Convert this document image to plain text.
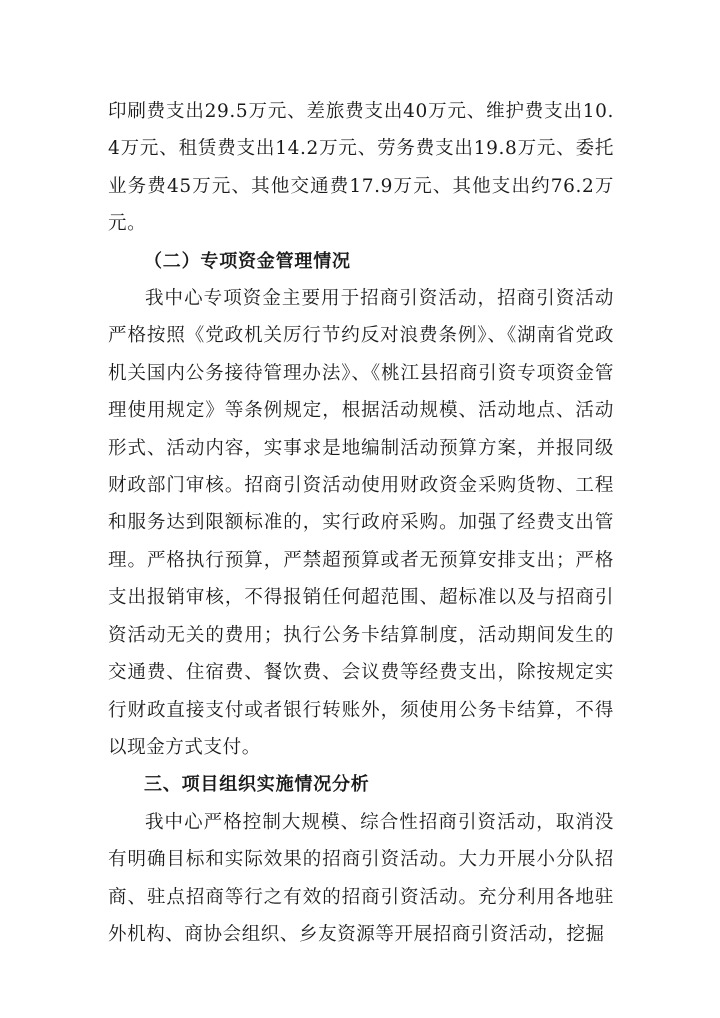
印刷费支出29.5万元、差旅费支出40万元、维护费支出10.4万元、租赁费支出14.2万元、劳务费支出19.8万元、委托业务费45万元、其他交通费17.9万元、其他支出约76.2万元。

（二）专项资金管理情况

我中心专项资金主要用于招商引资活动，招商引资活动严格按照《党政机关厉行节约反对浪费条例》、《湖南省党政机关国内公务接待管理办法》、《桃江县招商引资专项资金管理使用规定》等条例规定，根据活动规模、活动地点、活动形式、活动内容，实事求是地编制活动预算方案，并报同级财政部门审核。招商引资活动使用财政资金采购货物、工程和服务达到限额标准的，实行政府采购。加强了经费支出管理。严格执行预算，严禁超预算或者无预算安排支出；严格支出报销审核，不得报销任何超范围、超标准以及与招商引资活动无关的费用；执行公务卡结算制度，活动期间发生的交通费、住宿费、餐饮费、会议费等经费支出，除按规定实行财政直接支付或者银行转账外，须使用公务卡结算，不得以现金方式支付。

三、项目组织实施情况分析

我中心严格控制大规模、综合性招商引资活动，取消没有明确目标和实际效果的招商引资活动。大力开展小分队招商、驻点招商等行之有效的招商引资活动。充分利用各地驻外机构、商协会组织、乡友资源等开展招商引资活动，挖掘
